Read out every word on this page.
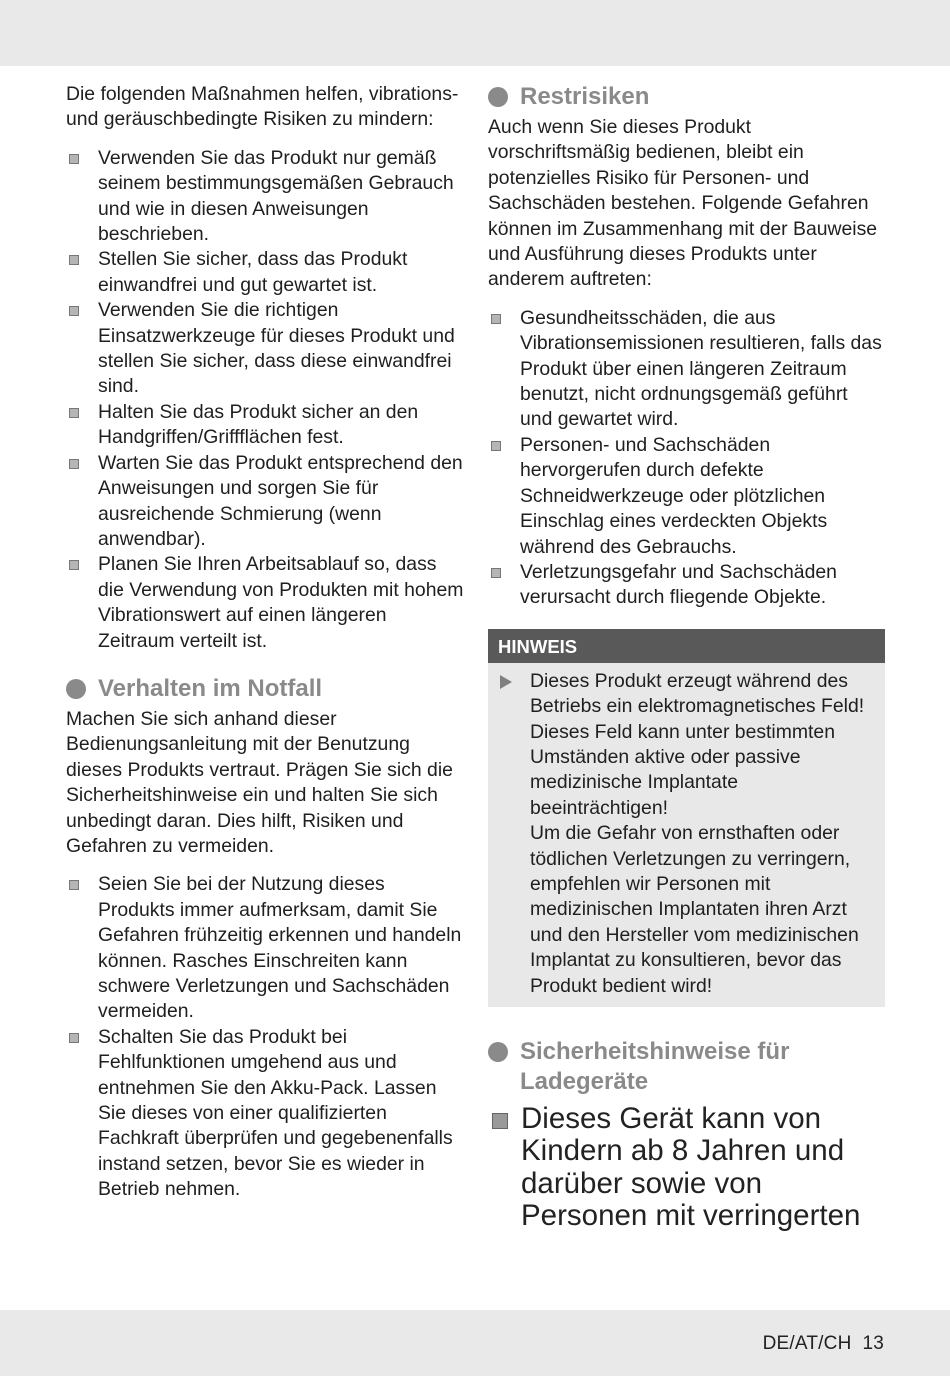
Die folgenden Maßnahmen helfen, vibrations- und geräuschbedingte Risiken zu mindern:

Verwenden Sie das Produkt nur gemäß seinem bestimmungsgemäßen Gebrauch und wie in diesen Anweisungen beschrieben.
Stellen Sie sicher, dass das Produkt einwandfrei und gut gewartet ist.
Verwenden Sie die richtigen Einsatzwerkzeuge für dieses Produkt und stellen Sie sicher, dass diese einwandfrei sind.
Halten Sie das Produkt sicher an den Handgriffen/Griffflächen fest.
Warten Sie das Produkt entsprechend den Anweisungen und sorgen Sie für ausreichende Schmierung (wenn anwendbar).
Planen Sie Ihren Arbeitsablauf so, dass die Verwendung von Produkten mit hohem Vibrationswert auf einen längeren Zeitraum verteilt ist.
Verhalten im Notfall

Machen Sie sich anhand dieser Bedienungsanleitung mit der Benutzung dieses Produkts vertraut. Prägen Sie sich die Sicherheitshinweise ein und halten Sie sich unbedingt daran. Dies hilft, Risiken und Gefahren zu vermeiden.

Seien Sie bei der Nutzung dieses Produkts immer aufmerksam, damit Sie Gefahren frühzeitig erkennen und handeln können. Rasches Einschreiten kann schwere Verletzungen und Sachschäden vermeiden.
Schalten Sie das Produkt bei Fehlfunktionen umgehend aus und entnehmen Sie den Akku-Pack. Lassen Sie dieses von einer qualifizierten Fachkraft überprüfen und gegebenenfalls instand setzen, bevor Sie es wieder in Betrieb nehmen.
Restrisiken

Auch wenn Sie dieses Produkt vorschriftsmäßig bedienen, bleibt ein potenzielles Risiko für Personen- und Sachschäden bestehen. Folgende Gefahren können im Zusammenhang mit der Bauweise und Ausführung dieses Produkts unter anderem auftreten:

Gesundheitsschäden, die aus Vibrationsemissionen resultieren, falls das Produkt über einen längeren Zeitraum benutzt, nicht ordnungsgemäß geführt und gewartet wird.
Personen- und Sachschäden hervorgerufen durch defekte Schneidwerkzeuge oder plötzlichen Einschlag eines verdeckten Objekts während des Gebrauchs.
Verletzungsgefahr und Sachschäden verursacht durch fliegende Objekte.
HINWEIS
Dieses Produkt erzeugt während des Betriebs ein elektromagnetisches Feld! Dieses Feld kann unter bestimmten Umständen aktive oder passive medizinische Implantate beeinträchtigen!
Um die Gefahr von ernsthaften oder tödlichen Verletzungen zu verringern, empfehlen wir Personen mit medizinischen Implantaten ihren Arzt und den Hersteller vom medizinischen Implantat zu konsultieren, bevor das Produkt bedient wird!
Sicherheitshinweise für Ladegeräte
Dieses Gerät kann von Kindern ab 8 Jahren und darüber sowie von Personen mit verringerten
DE/AT/CH  13
